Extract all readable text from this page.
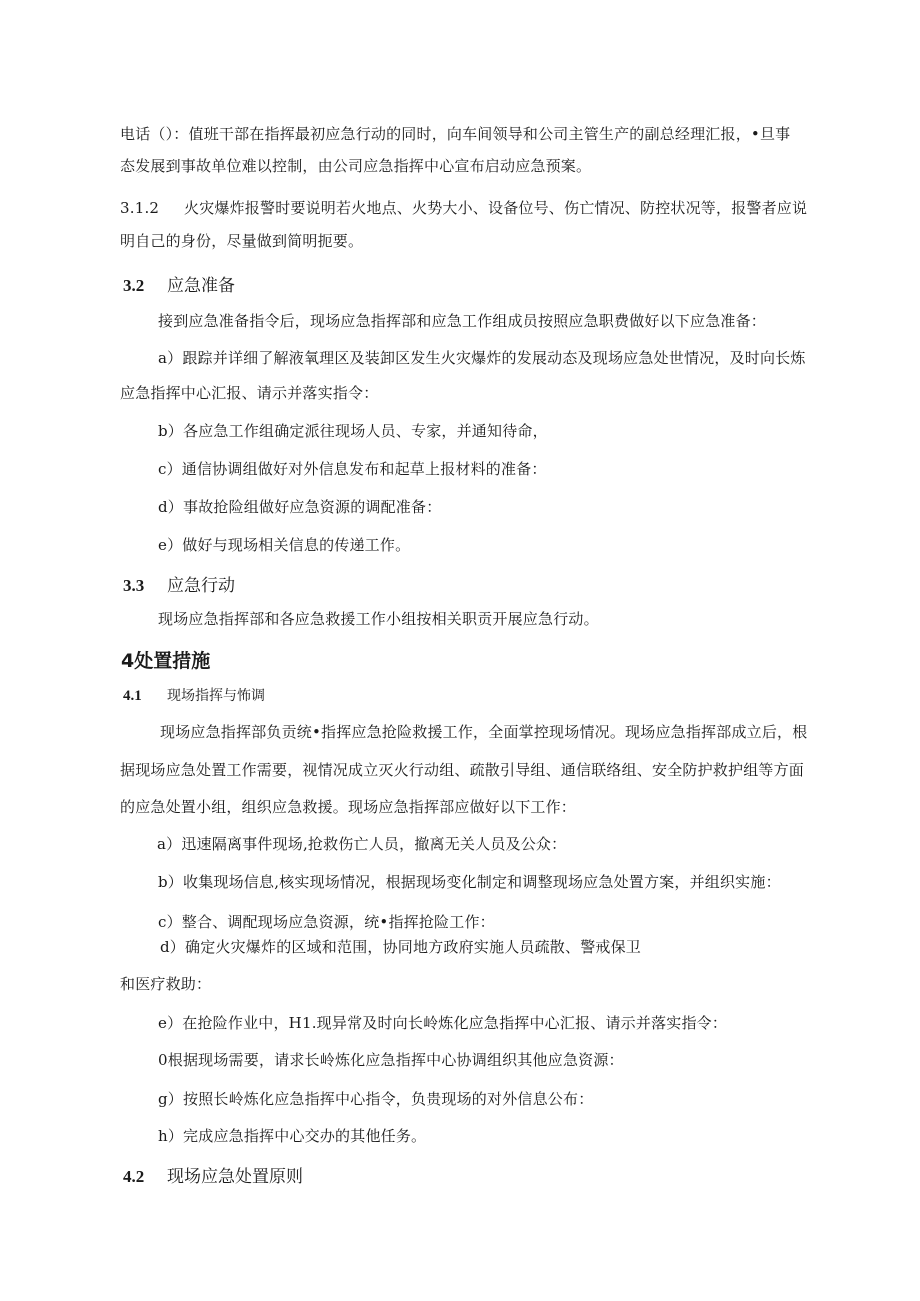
电话（）：值班干部在指挥最初应急行动的同时，向车间领导和公司主管生产的副总经理汇报，•旦事
态发展到事故单位难以控制，由公司应急指挥中心宣布启动应急预案。
3.1.2 火灾爆炸报警时要说明若火地点、火势大小、设备位号、伤亡情况、防控状况等，报警者应说
明自己的身份，尽量做到简明扼要。
3.2 应急准备
接到应急准备指令后，现场应急指挥部和应急工作组成员按照应急职费做好以下应急准备：
a）跟踪并详细了解液氧理区及装卸区发生火灾爆炸的发展动态及现场应急处世情况，及时向长炼
应急指挥中心汇报、请示并落实指令：
b）各应急工作组确定派往现场人员、专家，并通知待命，
c）通信协调组做好对外信息发布和起草上报材料的准备：
d）事故抢险组做好应急资源的调配准备：
e）做好与现场相关信息的传递工作。
3.3 应急行动
现场应急指挥部和各应急救援工作小组按相关职贡开展应急行动。
4处置措施
4.1 现场指挥与怖调
现场应急指挥部负贡统•指挥应急抢险救援工作，全面掌控现场情况。现场应急指挥部成立后，根
据现场应急处置工作需要，视情况成立灭火行动组、疏散引导组、通信联络组、安全防护救护组等方面
的应急处置小组，组织应急救援。现场应急指挥部应做好以下工作：
a）迅速隔离事件现场,抢救伤亡人员，撤离无关人员及公众：
b）收集现场信息,核实现场情况，根据现场变化制定和调整现场应急处置方案，并组织实施：
c）整合、调配现场应急资源，统•指挥抢险工作：
d）确定火灾爆炸的区域和范围，协同地方政府实施人员疏散、警戒保卫
和医疗救助：
e）在抢险作业中，H1.现异常及时向长岭炼化应急指挥中心汇报、请示并落实指令：
0根据现场需要，请求长岭炼化应急指挥中心协调组织其他应急资源：
g）按照长岭炼化应急指挥中心指令，负贵现场的对外信息公布：
h）完成应急指挥中心交办的其他任务。
4.2 现场应急处置原则
